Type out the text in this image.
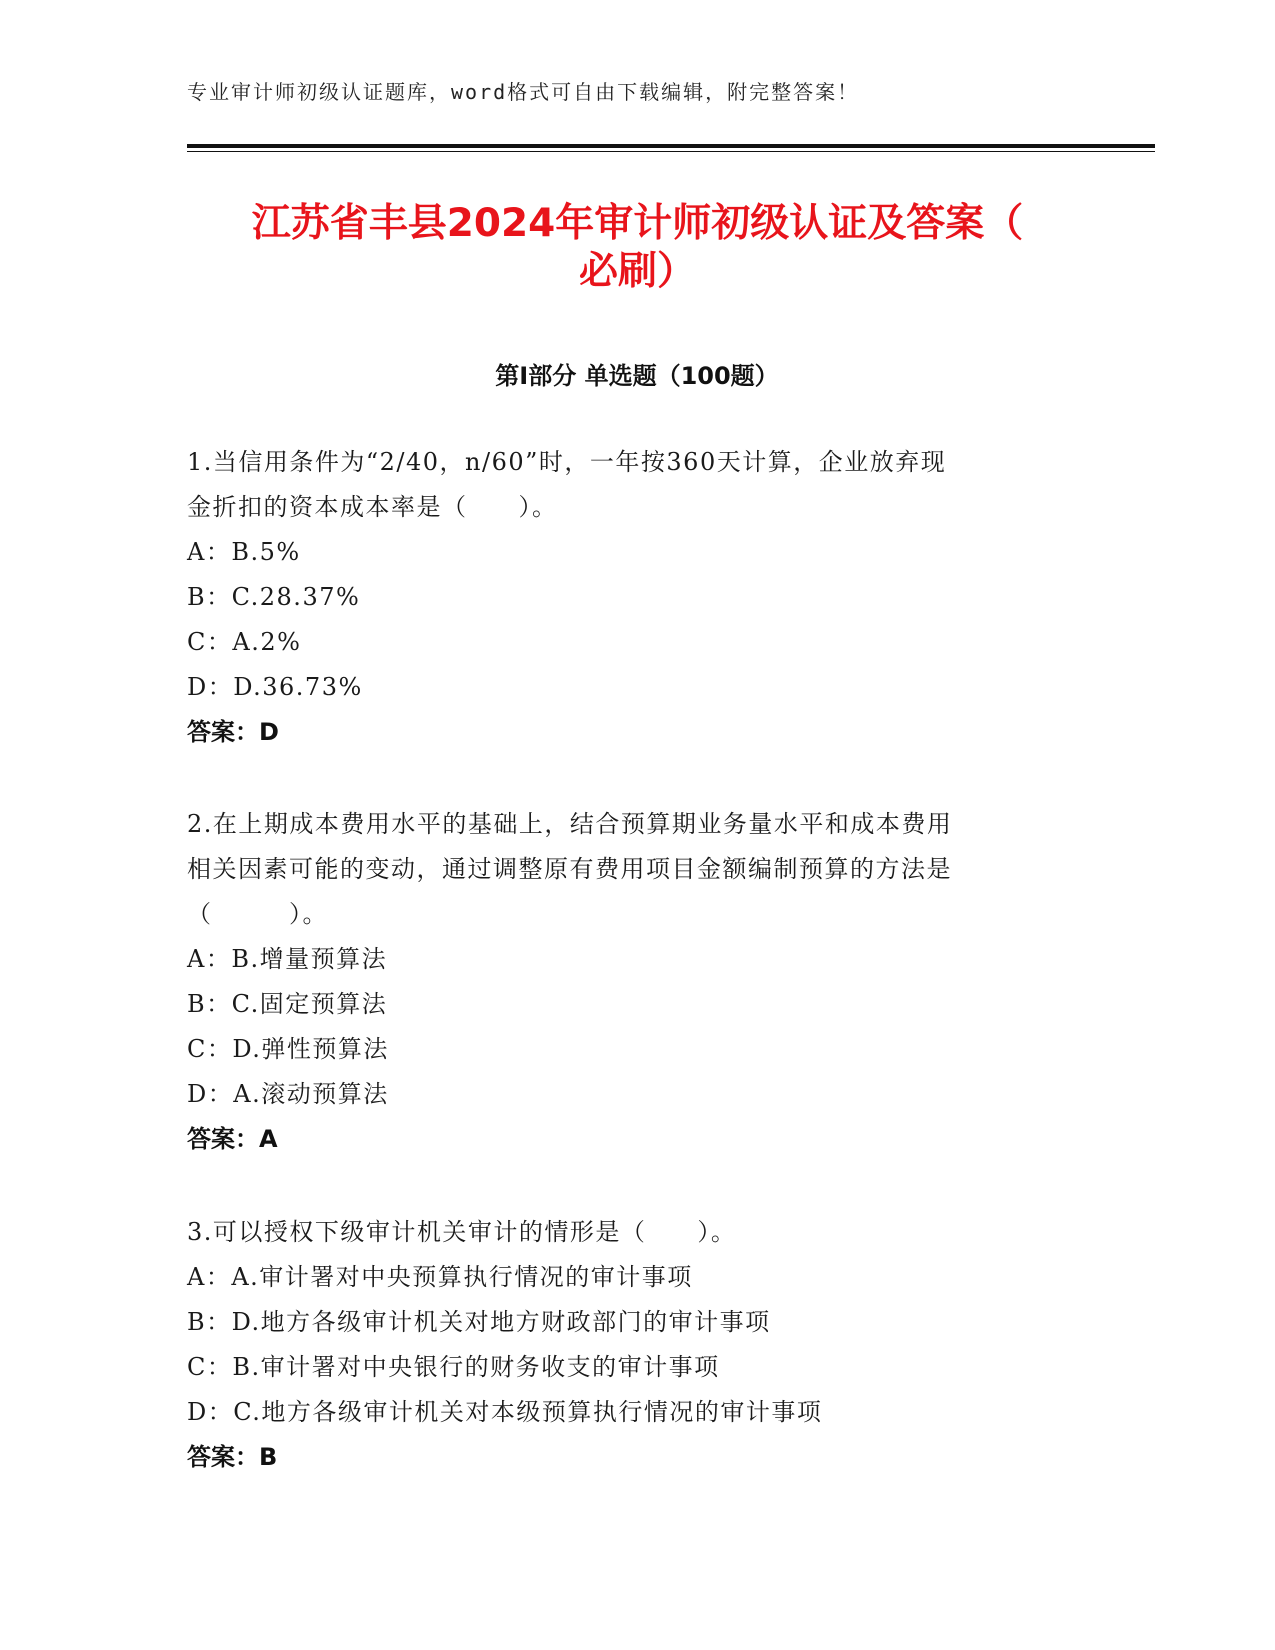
专业审计师初级认证题库，word格式可自由下载编辑，附完整答案！
江苏省丰县2024年审计师初级认证及答案（
必刷）
第Ⅰ部分 单选题（100题）
1.当信用条件为“2/40，n/60”时，一年按360天计算，企业放弃现
金折扣的资本成本率是（　　）。
A：B.5%
B：C.28.37%
C：A.2%
D：D.36.73%
答案：D
2.在上期成本费用水平的基础上，结合预算期业务量水平和成本费用
相关因素可能的变动，通过调整原有费用项目金额编制预算的方法是
（　　　）。
A：B.增量预算法
B：C.固定预算法
C：D.弹性预算法
D：A.滚动预算法
答案：A
3.可以授权下级审计机关审计的情形是（　　）。
A：A.审计署对中央预算执行情况的审计事项
B：D.地方各级审计机关对地方财政部门的审计事项
C：B.审计署对中央银行的财务收支的审计事项
D：C.地方各级审计机关对本级预算执行情况的审计事项
答案：B
